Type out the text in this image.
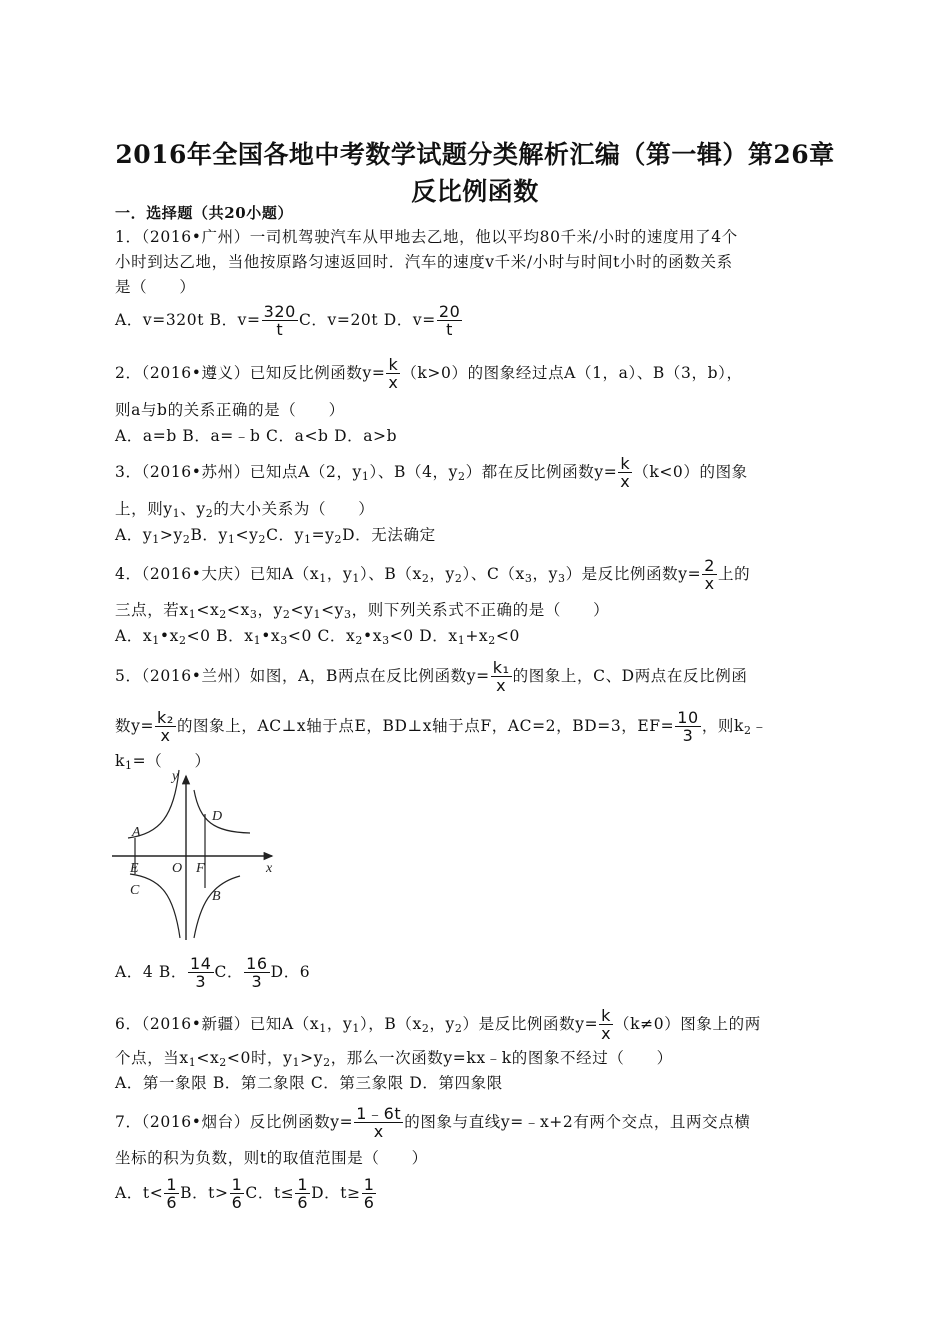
2016年全国各地中考数学试题分类解析汇编（第一辑）第26章
反比例函数
一．选择题（共20小题）
1．（2016•广州）一司机驾驶汽车从甲地去乙地，他以平均80千米/小时的速度用了4个
小时到达乙地，当他按原路匀速返回时．汽车的速度v千米/小时与时间t小时的函数关系
是（　　）
A．v=320t B．$v= \frac{320}{t}$ C．v=20t D．$v= \frac{20}{t}$
2．（2016•遵义）已知反比例函数$y= \frac{k}{x} (k>0)$的图象经过点A（1，a）、B（3，b），
则a与b的关系正确的是（　　）
A．a=b B．a=﹣b C．a<b D．a>b
3．（2016•苏州）已知点A（2，$y_1$）、B（4，$y_2$）都在反比例函数$y= \frac{k}{x} (k<0)$的图象
上，则$y_1$、$y_2$的大小关系为（　　）
A．$y_1>y_2B$．$y_1<y_2C$．$y_1=y_2D$．无法确定
4．（2016•大庆）已知$A(x_1$，$y_1$）、$B(x_2$，$y_2$）、$C(x_3$，$y_3$）是反比例函数$y= \frac{2}{x}$ 上的
三点，若$x_1<x_2<x_3$，$y_2<y_1<y_3$，则下列关系式不正确的是（　　）
A．$x_1•x_2<0$ B．$x_1•x_3<0$ C．$x_2•x_3<0$ D．$x_1+x_2<0$
5．（2016•兰州）如图，A，B两点在反比例函数$y= \frac{\text{k₁}}{x}$ 的图象上，C、D两点在反比例函
数$y= \frac{\text{k₂}}{x}$ 的图象上，AC⊥x轴于点E，BD⊥x轴于点F，AC=2，BD=3，$EF= \frac{10}{3}$ ，则$k_2﹣$
$k_1=$（　　）
y
x
A
D
E O F
C	B
A．4 B． $\frac{14}{3}$ C． $\frac{16}{3}$ D．6
6．（2016•新疆）已知$A(x_1$，$y_1$），$B(x_2$，$y_2$）是反比例函数$y= \frac{k}{x} (k\ne 0)$图象上的两
个点，当$x_1<x_2<0$时，$y_1>y_2$，那么一次函数y=kx﹣k的图象不经过（　　）
A．第一象限 B．第二象限 C．第三象限 D．第四象限
7．（2016•烟台）反比例函数$y= \frac{1﹣6t}{x}$ 的图象与直线y=﹣x+2有两个交点，且两交点横
坐标的积为负数，则t的取值范围是（　　）
A．$t< \frac{1}{6}$ B．$t> \frac{1}{6}$ C．$t\le \frac{1}{6}$ D．$t\ge \frac{1}{6}$
